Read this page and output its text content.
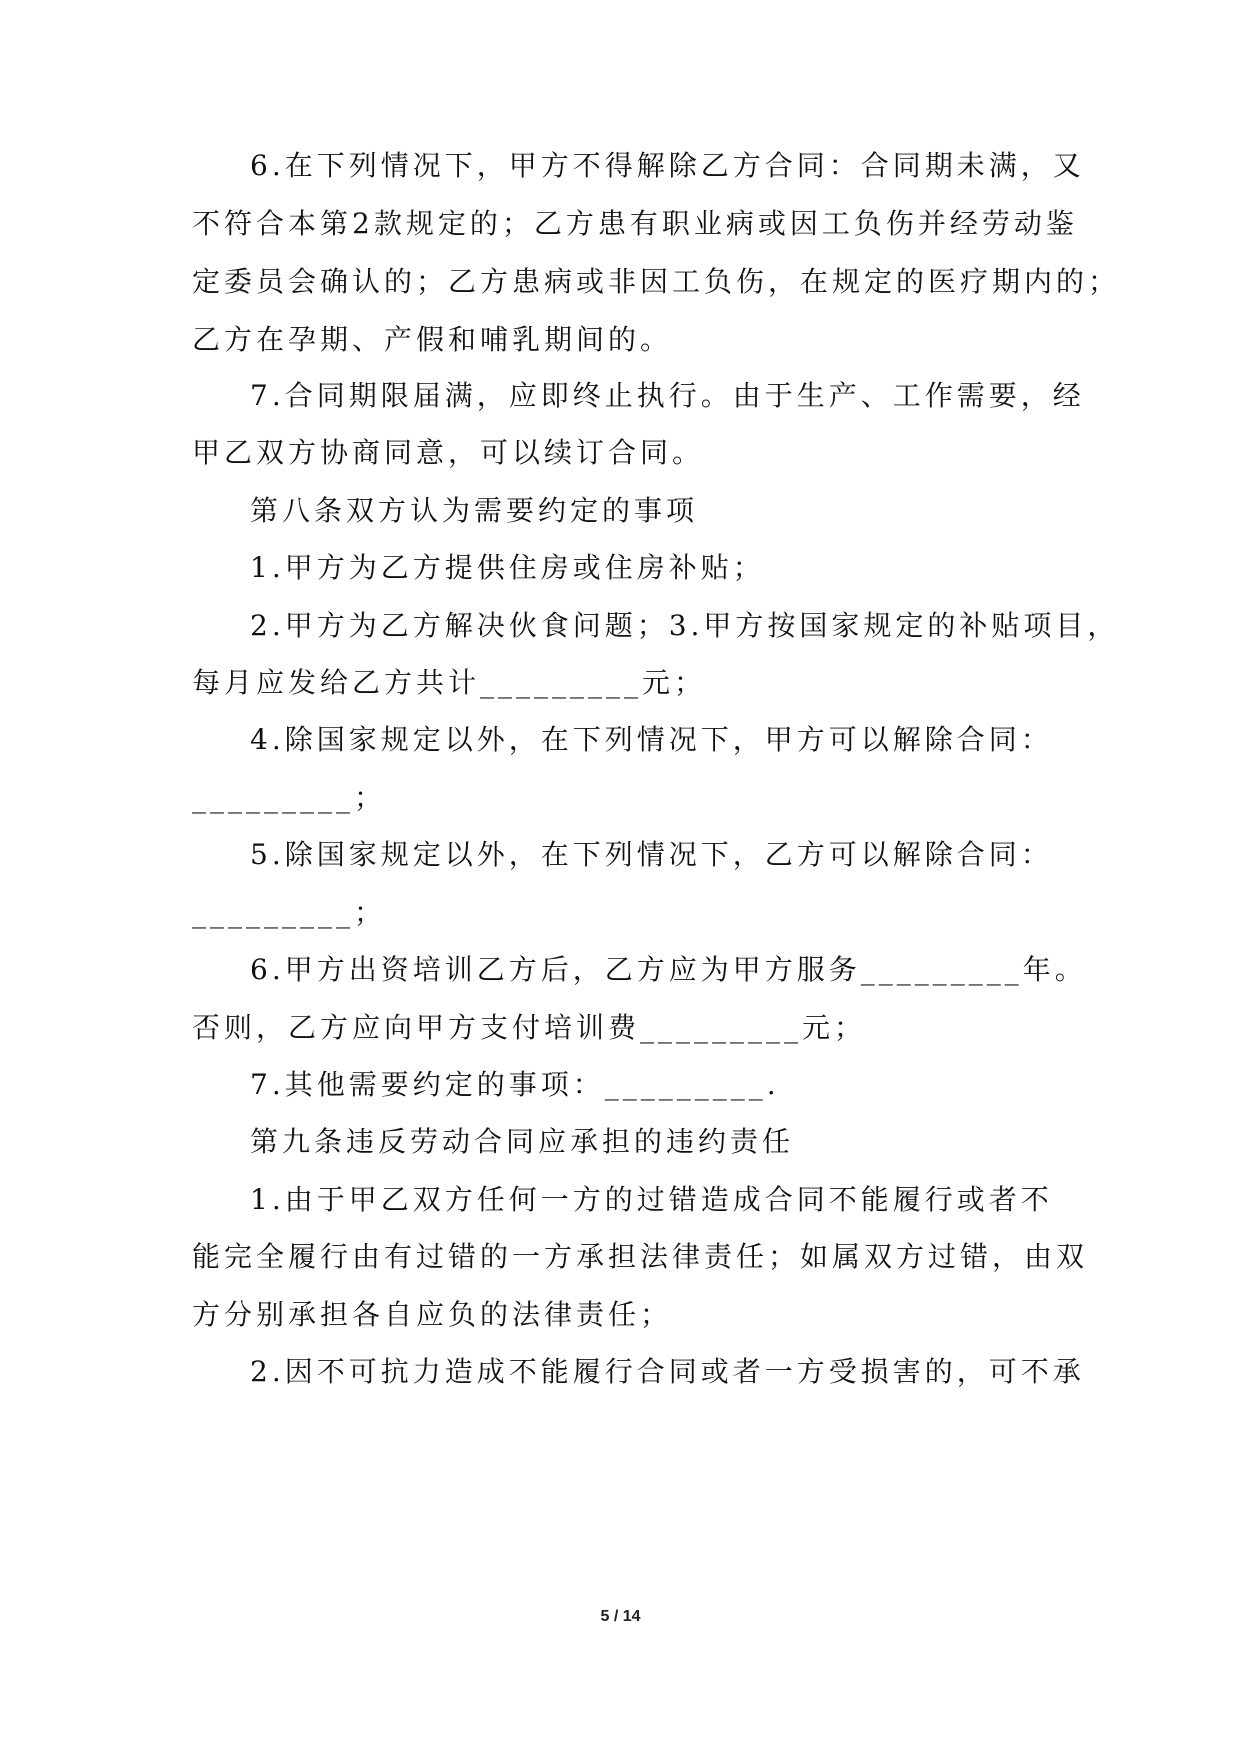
6.在下列情况下，甲方不得解除乙方合同：合同期未满，又
不符合本第2款规定的；乙方患有职业病或因工负伤并经劳动鉴
定委员会确认的；乙方患病或非因工负伤，在规定的医疗期内的；
乙方在孕期、产假和哺乳期间的。
7.合同期限届满，应即终止执行。由于生产、工作需要，经
甲乙双方协商同意，可以续订合同。
第八条双方认为需要约定的事项
1.甲方为乙方提供住房或住房补贴；
2.甲方为乙方解决伙食问题；3.甲方按国家规定的补贴项目，
每月应发给乙方共计_________元；
4.除国家规定以外，在下列情况下，甲方可以解除合同：
_________；
5.除国家规定以外，在下列情况下，乙方可以解除合同：
_________；
6.甲方出资培训乙方后，乙方应为甲方服务_________年。
否则，乙方应向甲方支付培训费_________元；
7.其他需要约定的事项：_________.
第九条违反劳动合同应承担的违约责任
1.由于甲乙双方任何一方的过错造成合同不能履行或者不
能完全履行由有过错的一方承担法律责任；如属双方过错，由双
方分别承担各自应负的法律责任；
2.因不可抗力造成不能履行合同或者一方受损害的，可不承
5 / 14
